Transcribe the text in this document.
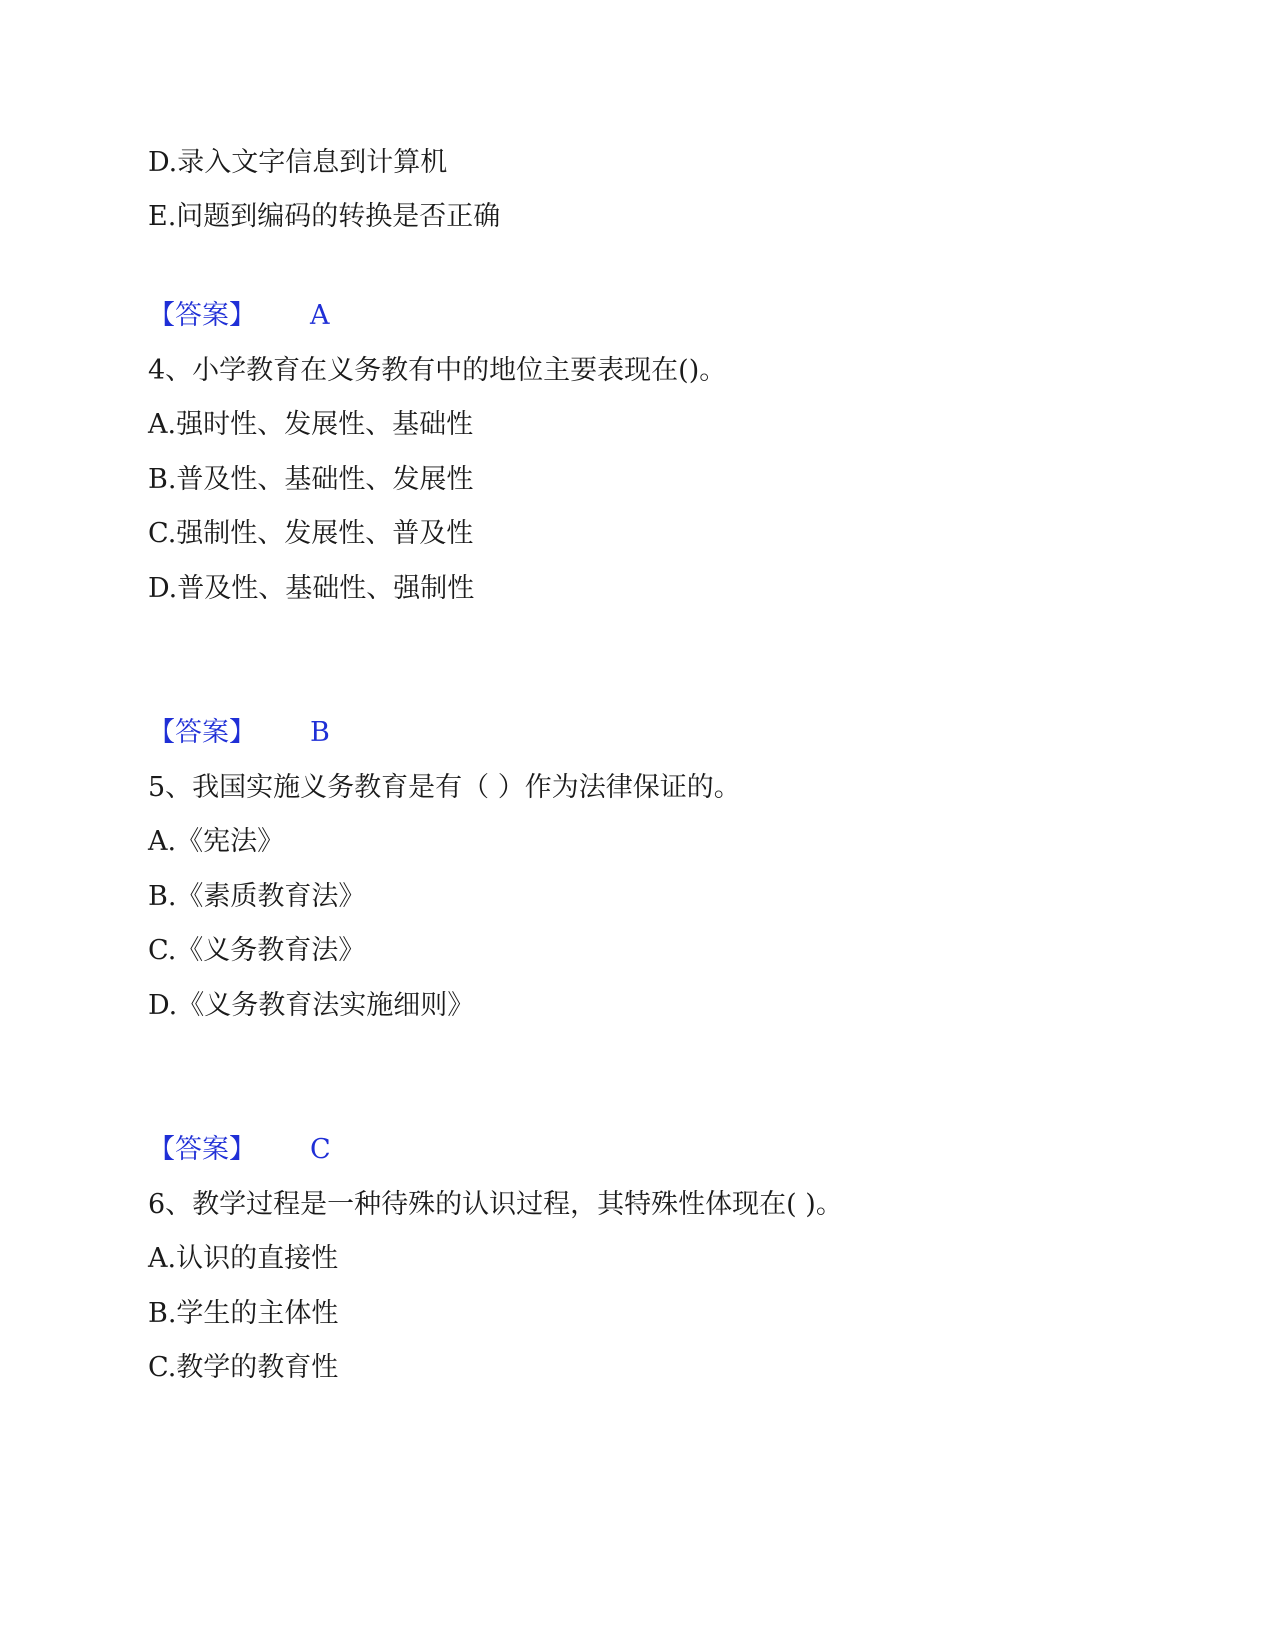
D.录入文字信息到计算机
E.问题到编码的转换是否正确
【答案】 A
4、小学教育在义务教有中的地位主要表现在()。
A.强时性、发展性、基础性
B.普及性、基础性、发展性
C.强制性、发展性、普及性
D.普及性、基础性、强制性
【答案】 B
5、我国实施义务教育是有（ ）作为法律保证的。
A.《宪法》
B.《素质教育法》
C.《义务教育法》
D.《义务教育法实施细则》
【答案】 C
6、教学过程是一种待殊的认识过程，其特殊性体现在( )。
A.认识的直接性
B.学生的主体性
C.教学的教育性
